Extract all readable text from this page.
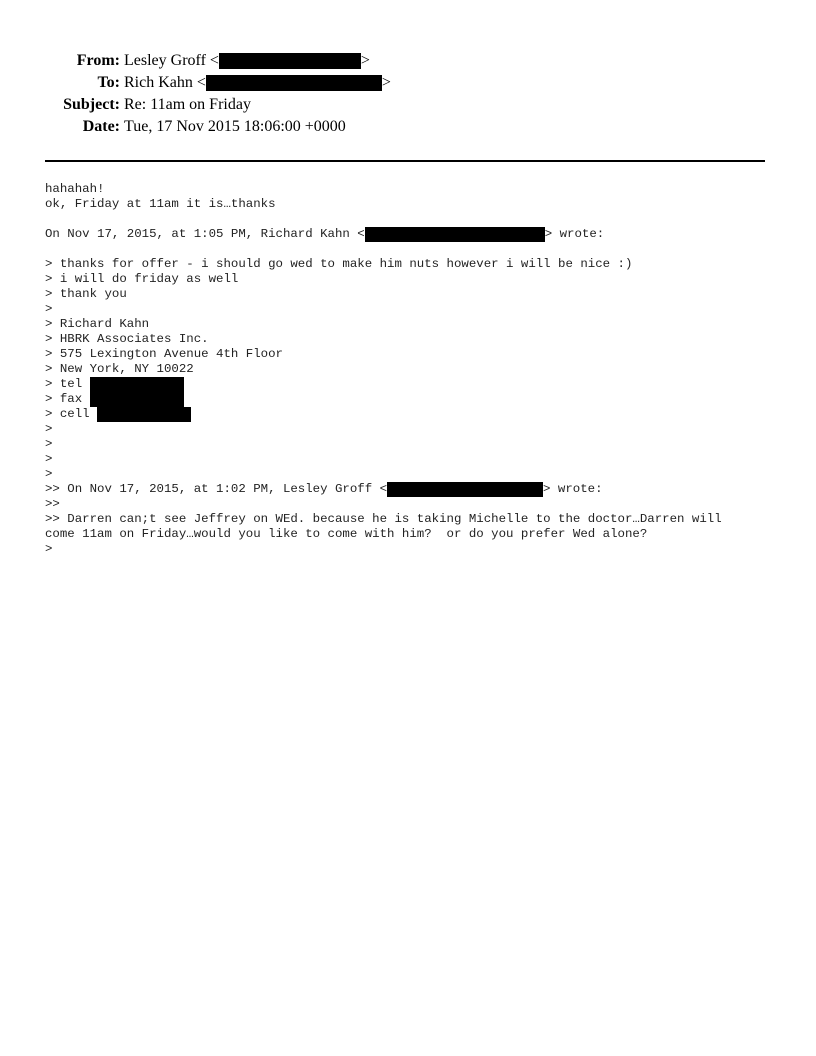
From: Lesley Groff <	>
To: Rich Kahn <	>
Subject: Re: 11am on Friday
Date: Tue, 17 Nov 2015 18:06:00 +0000
hahahah!
ok, Friday at 11am it is…thanks
On Nov 17, 2015, at 1:05 PM, Richard Kahn <	> wrote:
> thanks for offer - i should go wed to make him nuts however i will be nice :)
> i will do friday as well
> thank you
>
> Richard Kahn
> HBRK Associates Inc.
> 575 Lexington Avenue 4th Floor
> New York, NY 10022
> tel
> fax
> cell
>
>
>
>
>> On Nov 17, 2015, at 1:02 PM, Lesley Groff <	> wrote:
>>
>> Darren can;t see Jeffrey on WEd. because he is taking Michelle to the doctor…Darren will
come 11am on Friday…would you like to come with him?  or do you prefer Wed alone?
>
